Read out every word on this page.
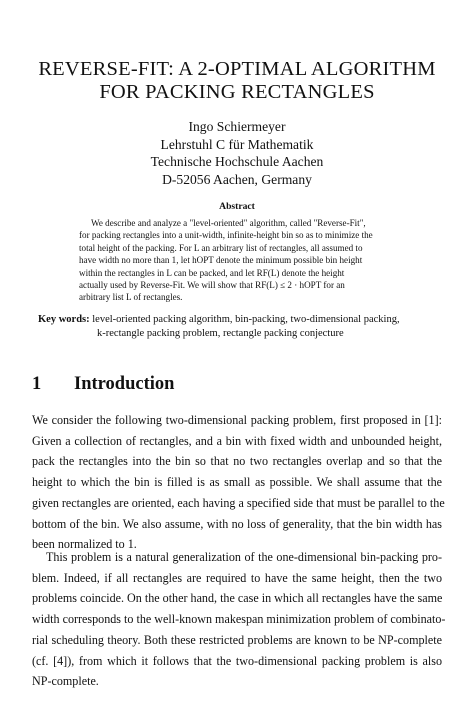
REVERSE-FIT: A 2-OPTIMAL ALGORITHM
FOR PACKING RECTANGLES
Ingo Schiermeyer
Lehrstuhl C für Mathematik
Technische Hochschule Aachen
D-52056 Aachen, Germany
Abstract
We describe and analyze a "level-oriented" algorithm, called "Reverse-Fit",
for packing rectangles into a unit-width, infinite-height bin so as to minimize the
total height of the packing. For L an arbitrary list of rectangles, all assumed to
have width no more than 1, let hOPT denote the minimum possible bin height
within the rectangles in L can be packed, and let RF(L) denote the height
actually used by Reverse-Fit. We will show that RF(L) ≤ 2 · hOPT for an
arbitrary list L of rectangles.
Key words: level-oriented packing algorithm, bin-packing, two-dimensional packing,
k-rectangle packing problem, rectangle packing conjecture
1 Introduction
We consider the following two-dimensional packing problem, first proposed in [1]:
Given a collection of rectangles, and a bin with fixed width and unbounded height,
pack the rectangles into the bin so that no two rectangles overlap and so that the
height to which the bin is filled is as small as possible. We shall assume that the
given rectangles are oriented, each having a specified side that must be parallel to the
bottom of the bin. We also assume, with no loss of generality, that the bin width has
been normalized to 1.
This problem is a natural generalization of the one-dimensional bin-packing pro-
blem. Indeed, if all rectangles are required to have the same height, then the two
problems coincide. On the other hand, the case in which all rectangles have the same
width corresponds to the well-known makespan minimization problem of combinato-
rial scheduling theory. Both these restricted problems are known to be NP-complete
(cf. [4]), from which it follows that the two-dimensional packing problem is also
NP-complete.
